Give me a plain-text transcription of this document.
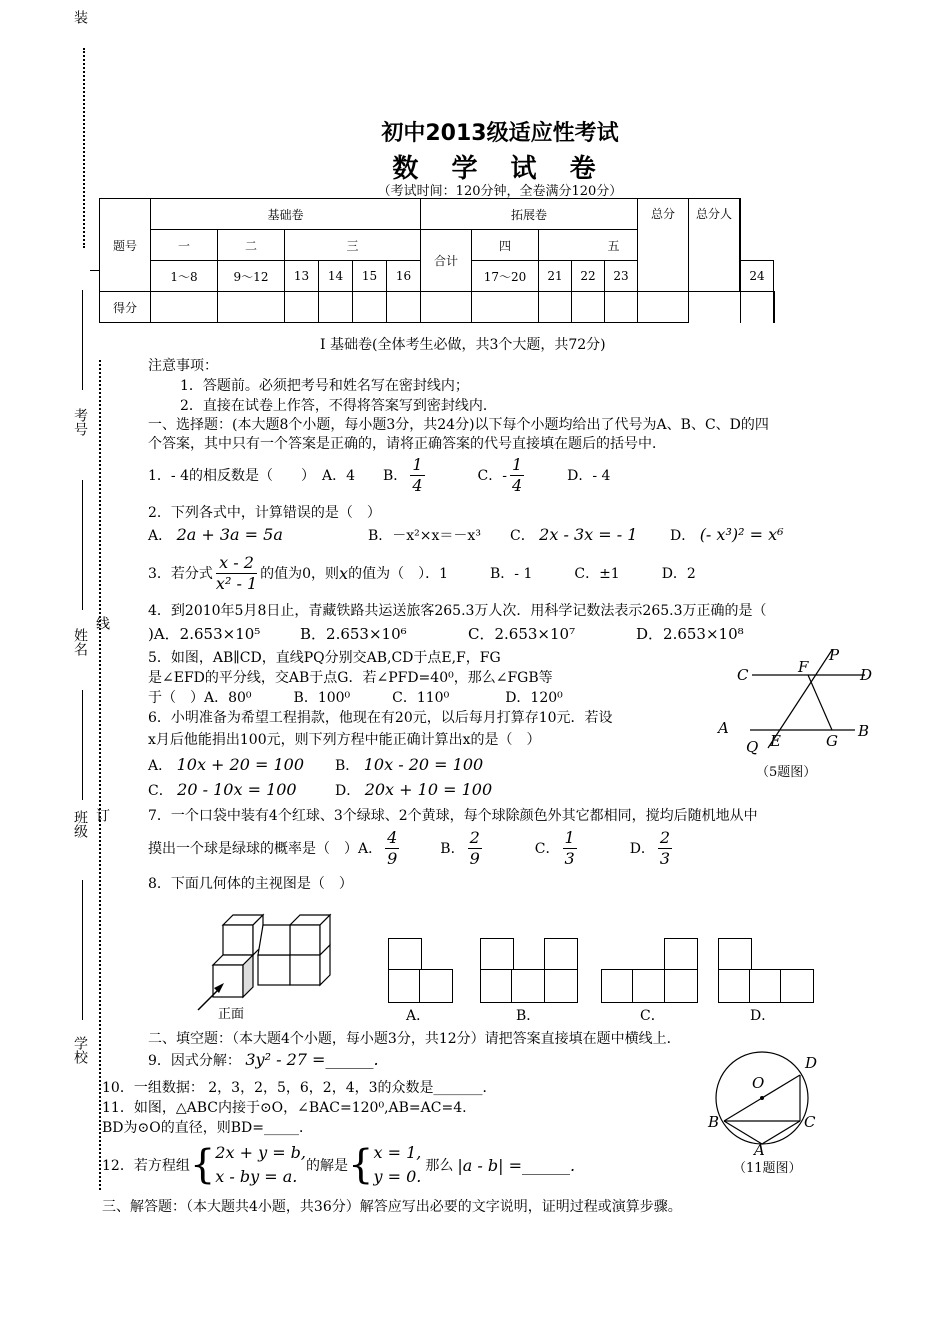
装
考号
姓名
线
班级 订
学校
初中2013级适应性考试
数 学 试 卷
（考试时间：120分钟，全卷满分120分）
题号	基础卷						拓展卷					总分	总分人	
	一	二	三				合计	四	五					
	1～8	9～12	13	14	15	16		17～20	21	22	23			24
得分														
Ⅰ 基础卷(全体考生必做，共3个大题，共72分)
注意事项：
1．答题前。必须把考号和姓名写在密封线内；
2．直接在试卷上作答，不得将答案写到密封线内．
一、选择题：(本大题8个小题，每小题3分，共24分)以下每个小题均给出了代号为A、B、C、D的四
个答案，其中只有一个答案是正确的，请将正确答案的代号直接填在题后的括号中．
1．- 4的相反数是（　　）　A．4　　B． $\frac{1}{4}$	C．- $\frac{1}{4}$	D．- 4
2．下列各式中，计算错误的是（　）
A． 2a + 3a = 5a	B．－x²×x＝－x³ C． 2x - 3x = - 1 D． (- x³)² = x⁶
3．若分式 $\frac{x - 2}{\text{x² - 1}}$ 的值为0，则 x 的值为（　）．1　　　B．- 1　　　C．±1　　　D．2
4．到2010年5月8日止，青藏铁路共运送旅客265.3万人次．用科学记数法表示265.3万正确的是（
)A．2.653×10⁵	B．2.653×10⁶	C．2.653×10⁷	D．2.653×10⁸
5．如图，AB∥CD，直线PQ分别交AB,CD于点E,F，FG
是∠EFD的平分线，交AB于点G．若∠PFD=40⁰，那么∠FGB等
于（　）A．80⁰　　　B．100⁰　　　C．110⁰　　　　D．120⁰
C	F
P
D
A	B
Q E	G
（5题图）
6．小明准备为希望工程捐款，他现在有20元，以后每月打算存10元．若设
x月后他能捐出100元，则下列方程中能正确计算出x的是（　）
A． 10x + 20 = 100 B． 10x - 20 = 100
C． 20 - 10x = 100	D． 20x + 10 = 100
7．一个口袋中装有4个红球、3个绿球、2个黄球，每个球除颜色外其它都相同，搅均后随机地从中
摸出一个球是绿球的概率是（　）A． $\frac{4}{9}$	B． $\frac{2}{9}$	C． $\frac{1}{3}$	D． $\frac{2}{3}$
8．下面几何体的主视图是（　）
正面	A．	B．	C．	D．
二、填空题：（本大题4个小题，每小题3分，共12分）请把答案直接填在题中横线上．
9．因式分解： 3y² - 27 =______.
10．一组数据： 2，3，2，5，6，2，4，3的众数是_______．
11．如图，△ABC内接于⊙O，∠BAC=120⁰,AB=AC=4.
BD为⊙O的直径，则BD=_____．
O
D
B	C
A
（11题图）
12．若方程组 { 2x + y = b,
x - by = a.
的解是 { x = 1,
y = 0.
那么 |a - b| =______.
三、解答题：（本大题共4小题，共36分）解答应写出必要的文字说明，证明过程或演算步骤。
